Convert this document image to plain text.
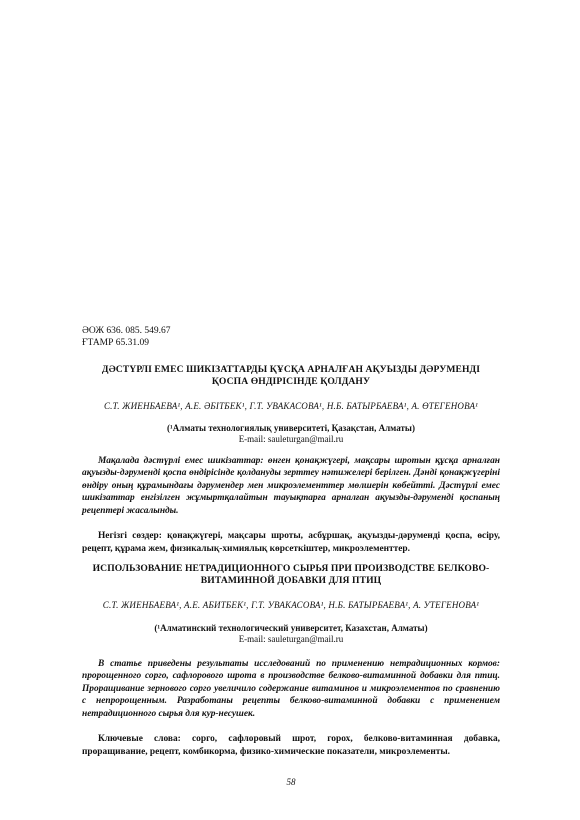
ӘОЖ 636. 085. 549.67
ҒТАМР 65.31.09
ДӘСТҮРЛІ ЕМЕС ШИКІЗАТТАРДЫ ҚҰСҚА АРНАЛҒАН АҚУЫЗДЫ ДӘРУМЕНДІ
ҚОСПА ӨНДІРІСІНДЕ ҚОЛДАНУ
С.Т. ЖИЕНБАЕВА¹, А.Е. ӘБІТБЕК¹, Г.Т. УВАКАСОВА¹, Н.Б. БАТЫРБАЕВА¹, А. ӨТЕГЕНОВА¹
(¹Алматы технологиялық университеті, Қазақстан, Алматы)
E-mail: sauleturgan@mail.ru

Мақалада дәстүрлі емес шикізаттар: өнген қонақжүгері, мақсары шротын құсқа арналған ақуызды-дәруменді қоспа өндірісінде қолдануды зерттеу нәтижелері берілген. Дәнді қонақжүгерінi өндіру оның құрамындағы дәрумендер мен микроэлементтер мөлшерін көбейтті. Дәстүрлі емес шикізаттар енгізілген жұмыртқалайтын тауықтарға арналған ақуызды-дәруменді қоспаның рецептері жасалынды.

Негізгі сөздер: қонақжүгері, мақсары шроты, асбұршақ, ақуызды-дәруменді қоспа, өсіру, рецепт, құрама жем, физикалық-химиялық көрсеткіштер, микроэлементтер.

ИСПОЛЬЗОВАНИЕ НЕТРАДИЦИОННОГО СЫРЬЯ ПРИ ПРОИЗВОДСТВЕ БЕЛКОВО-
ВИТАМИННОЙ ДОБАВКИ ДЛЯ ПТИЦ
С.Т. ЖИЕНБАЕВА¹, А.Е. АБИТБЕК¹, Г.Т. УВАКАСОВА¹, Н.Б. БАТЫРБАЕВА¹, А. УТЕГЕНОВА¹
(¹Алматинский технологический университет, Казахстан, Алматы)
E-mail: sauleturgan@mail.ru

В статье приведены результаты исследований по применению нетрадиционных кормов: пророщенного сорго, сафлорового шрота в производстве белково-витаминной добавки для птиц. Проращивание зернового сорго увеличило содержание витаминов и микроэлементов по сравнению с непророщенным. Разработаны рецепты белково-витаминной добавки с применением нетрадиционного сырья для кур-несушек.

Ключевые слова: сорго, сафлоровый шрот, горох, белково-витаминная добавка, проращивание, рецепт, комбикорма, физико-химические показатели, микроэлементы.

58
